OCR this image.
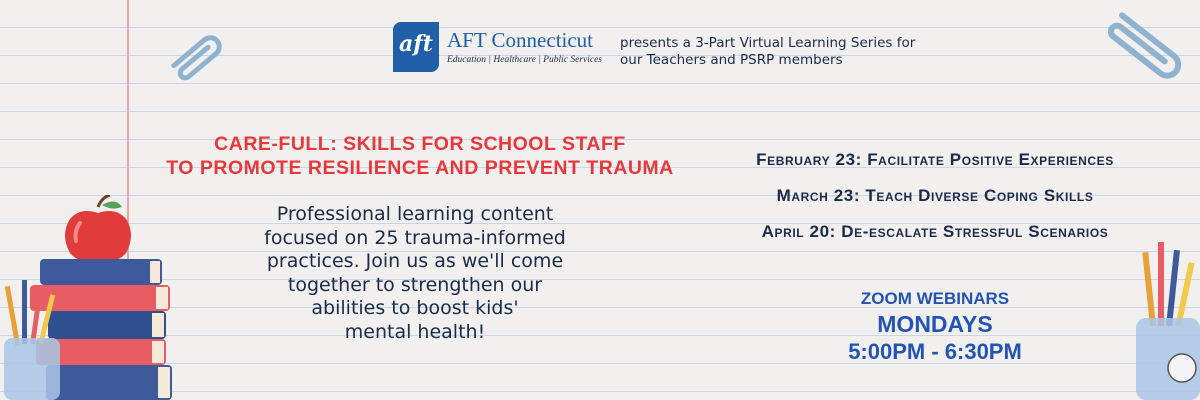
aft AFT Connecticut
Education | Healthcare | Public Services
presents a 3-Part Virtual Learning Series for
our Teachers and PSRP members
CARE-FULL: SKILLS FOR SCHOOL STAFF
TO PROMOTE RESILIENCE AND PREVENT TRAUMA
Professional learning content
focused on 25 trauma-informed
practices. Join us as we'll come
together to strengthen our
abilities to boost kids'
mental health!
February 23: Facilitate Positive Experiences
March 23: Teach Diverse Coping Skills
April 20: De-escalate Stressful Scenarios
ZOOM WEBINARS
MONDAYS
5:00PM - 6:30PM
